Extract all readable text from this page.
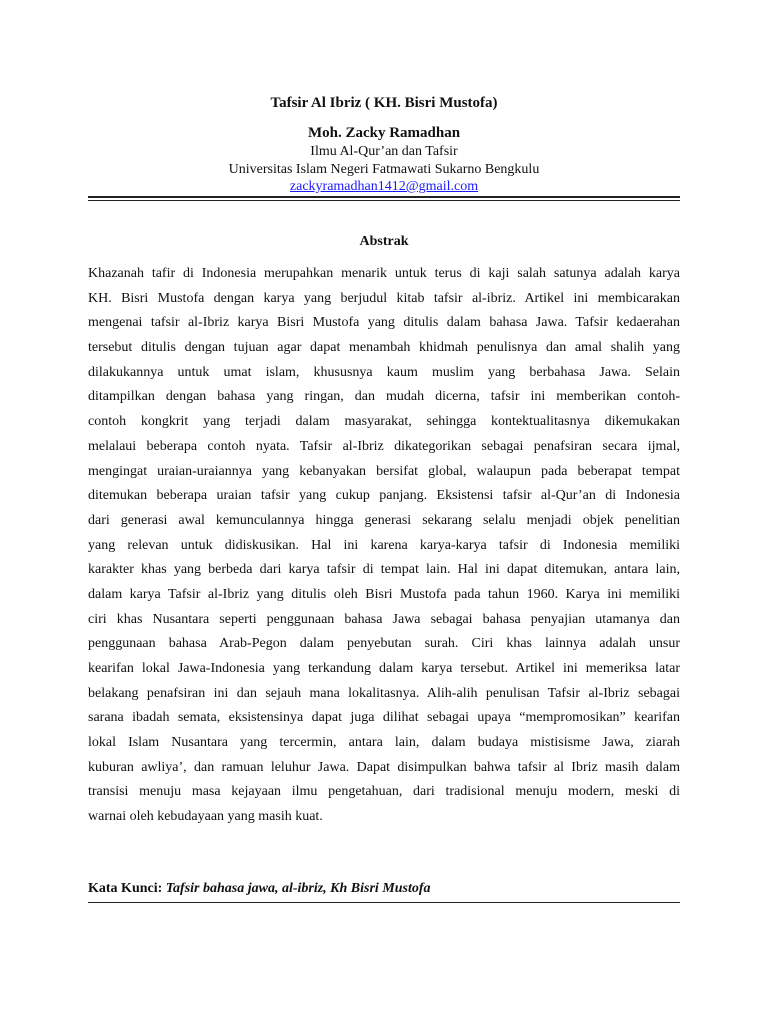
Tafsir Al Ibriz ( KH. Bisri Mustofa)
Moh. Zacky Ramadhan
Ilmu Al-Qur’an dan Tafsir
Universitas Islam Negeri Fatmawati Sukarno Bengkulu
zackyramadhan1412@gmail.com
Abstrak
Khazanah tafir di Indonesia merupahkan menarik untuk terus di kaji salah satunya adalah karya
KH. Bisri Mustofa dengan karya yang berjudul kitab tafsir al-ibriz. Artikel ini membicarakan
mengenai tafsir al-Ibriz karya Bisri Mustofa yang ditulis dalam bahasa Jawa. Tafsir kedaerahan
tersebut ditulis dengan tujuan agar dapat menambah khidmah penulisnya dan amal shalih yang
dilakukannya untuk umat islam, khususnya kaum muslim yang berbahasa Jawa. Selain
ditampilkan dengan bahasa yang ringan, dan mudah dicerna, tafsir ini memberikan contoh-
contoh kongkrit yang terjadi dalam masyarakat, sehingga kontektualitasnya dikemukakan
melalaui beberapa contoh nyata. Tafsir al-Ibriz dikategorikan sebagai penafsiran secara ijmal,
mengingat uraian-uraiannya yang kebanyakan bersifat global, walaupun pada beberapat tempat
ditemukan beberapa uraian tafsir yang cukup panjang. Eksistensi tafsir al-Qur’an di Indonesia
dari generasi awal kemunculannya hingga generasi sekarang selalu menjadi objek penelitian
yang relevan untuk didiskusikan. Hal ini karena karya-karya tafsir di Indonesia memiliki
karakter khas yang berbeda dari karya tafsir di tempat lain. Hal ini dapat ditemukan, antara lain,
dalam karya Tafsir al-Ibriz yang ditulis oleh Bisri Mustofa pada tahun 1960. Karya ini memiliki
ciri khas Nusantara seperti penggunaan bahasa Jawa sebagai bahasa penyajian utamanya dan
penggunaan bahasa Arab-Pegon dalam penyebutan surah. Ciri khas lainnya adalah unsur
kearifan lokal Jawa-Indonesia yang terkandung dalam karya tersebut. Artikel ini memeriksa latar
belakang penafsiran ini dan sejauh mana lokalitasnya. Alih-alih penulisan Tafsir al-Ibriz sebagai
sarana ibadah semata, eksistensinya dapat juga dilihat sebagai upaya “mempromosikan” kearifan
lokal Islam Nusantara yang tercermin, antara lain, dalam budaya mistisisme Jawa, ziarah
kuburan awliya’, dan ramuan leluhur Jawa. Dapat disimpulkan bahwa tafsir al Ibriz masih dalam
transisi menuju masa kejayaan ilmu pengetahuan, dari tradisional menuju modern, meski di
warnai oleh kebudayaan yang masih kuat.
Kata Kunci: Tafsir bahasa jawa, al-ibriz, Kh Bisri Mustofa
